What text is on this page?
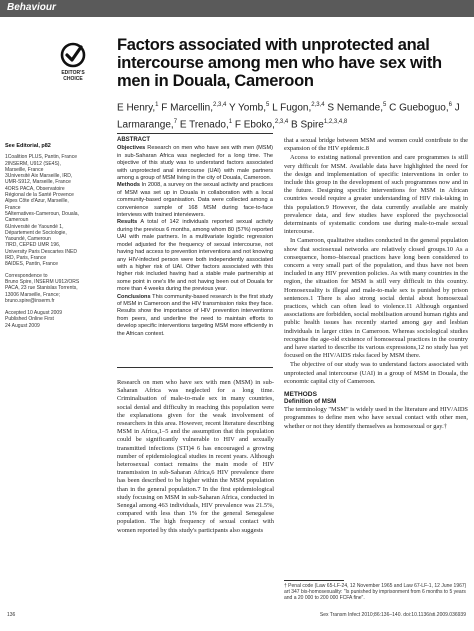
Behaviour
EDITOR'S
CHOICE
Factors associated with unprotected anal intercourse among men who have sex with men in Douala, Cameroon
E Henry,$^1$ F Marcellin,$^{2,3,4}$ Y Yomb,$^5$ L Fugon,$^{2,3,4}$ S Nemande,$^5$ C Gueboguo,$^6$ J Larmarange,$^7$ E Trenado,$^1$ F Eboko,$^{2,3,4}$ B Spire$^{1,2,3,4,8}$
See Editorial, p82
1Coalition PLUS, Pantin, France
2INSERM, U912 (SE4S), Marseille, France
3Université Aix Marseille, IRD, UMR-S912, Marseille, France
4ORS PACA, Observatoire Régional de la Santé Provence Alpes Côte d'Azur, Marseille, France
5Alternatives-Cameroun, Douala, Cameroun
6Université de Yaoundé 1, Département de Sociologie, Yaoundé, Cameroun
7IRD, CEPED UMR 196, University Paris Descartes INED IRD, Paris, France
8AIDES, Pantin, France
Correspondence to
Bruno Spire, INSERM U912/ORS PACA, 23 rue Stanislas Torrents, 13006 Marseille, France; bruno.spire@inserm.fr
Accepted 10 August 2009
Published Online First
24 August 2009
ABSTRACT

Objectives Research on men who have sex with men (MSM) in sub-Saharan Africa was neglected for a long time. The objective of this study was to understand factors associated with unprotected anal intercourse (UAI) with male partners among a group of MSM living in the city of Douala, Cameroon.

Methods In 2008, a survey on the sexual activity and practices of MSM was set up in Douala in collaboration with a local community-based organisation. Data were collected among a convenience sample of 168 MSM during face-to-face interviews with trained interviewers.

Results A total of 142 individuals reported sexual activity during the previous 6 months, among whom 80 (57%) reported UAI with male partners. In a multivariate logistic regression model adjusted for the frequency of sexual intercourse, not having had access to prevention interventions and not knowing any HIV-infected person were both independently associated with a higher risk of UAI. Other factors associated with this higher risk included having had a stable male partnership at some point in one's life and not having been out of Douala for more than 4 weeks during the previous year.

Conclusions This community-based research is the first study of MSM in Cameroon and the HIV transmission risks they face. Results show the importance of HIV prevention interventions from peers, and underline the need to maintain efforts to develop specific interventions targeting MSM more efficiently in the African context.

Research on men who have sex with men (MSM) in sub-Saharan Africa was neglected for a long time. Criminalisation of male-to-male sex in many countries, social denial and difficulty in reaching this population were the explanations given for the weak involvement of researchers in this area. However, recent literature describing MSM in Africa,1–5 and the assumption that this population could be significantly vulnerable to HIV and sexually transmitted infections (STI)4 6 has encouraged a growing number of epidemiological studies in recent years. Although heterosexual contact remains the main mode of HIV transmission in sub-Saharan Africa,6 HIV prevalence there has been described to be higher within the MSM population than in the general population.7 In the first epidemiological study focusing on MSM in sub-Saharan Africa, conducted in Senegal among 463 individuals, HIV prevalence was 21.5%, compared with less than 1% for the general Senegalese population. The high frequency of sexual contact with women reported by this study's participants also suggests

that a sexual bridge between MSM and women could contribute to the expansion of the HIV epidemic.8

Access to existing national prevention and care programmes is still very difficult for MSM. Available data have highlighted the need for the design and implementation of specific interventions in order to include this group in the development of such programmes now and in the future. Designing specific interventions for MSM in African countries would require a greater understanding of HIV risk-taking in this population.9 However, the data currently available are mainly prevalence data, and few studies have explored the psychosocial determinants of systematic condom use during male-to-male sexual intercourse.

In Cameroon, qualitative studies conducted in the general population show that sociosexual networks are relatively closed groups.10 As a consequence, homo–bisexual practices have long been considered to concern a very small part of the population, and thus have not been included in any HIV prevention policies. As with many countries in the region, the situation for MSM is still very difficult in this country. Homosexuality is illegal and male-to-male sex is punished by prison sentences.1 There is also strong social denial about homosexual practices, which can often lead to violence.11 Although organised associations are forbidden, social mobilisation around human rights and public health issues has recently started among gay and lesbian individuals in larger cities in Cameroon. Whereas sociological studies recognise the age-old existence of homosexual practices in the country and have started to describe its various expressions,12 no study has yet focused on the HIV/AIDS risks faced by MSM there.

The objective of our study was to understand factors associated with unprotected anal intercourse (UAI) in a group of MSM in Douala, the economic capital city of Cameroon.

METHODS
Definition of MSM

The terminology "MSM" is widely used in the literature and HIV/AIDS programmes to define men who have sexual contact with other men, whether or not they identify themselves as homosexual or gay.†

† Penal code (Law 65-LF-24, 12 November 1965 and Law 67-LF-1, 12 June 1967) art 347 bis-homosexuality: "Is punished by imprisonment from 6 months to 5 years and a 20 000 to 200 000 FCFA fine".
136	Sex Transm Infect 2010;86:136–140. doi:10.1136/sti.2009.036939
